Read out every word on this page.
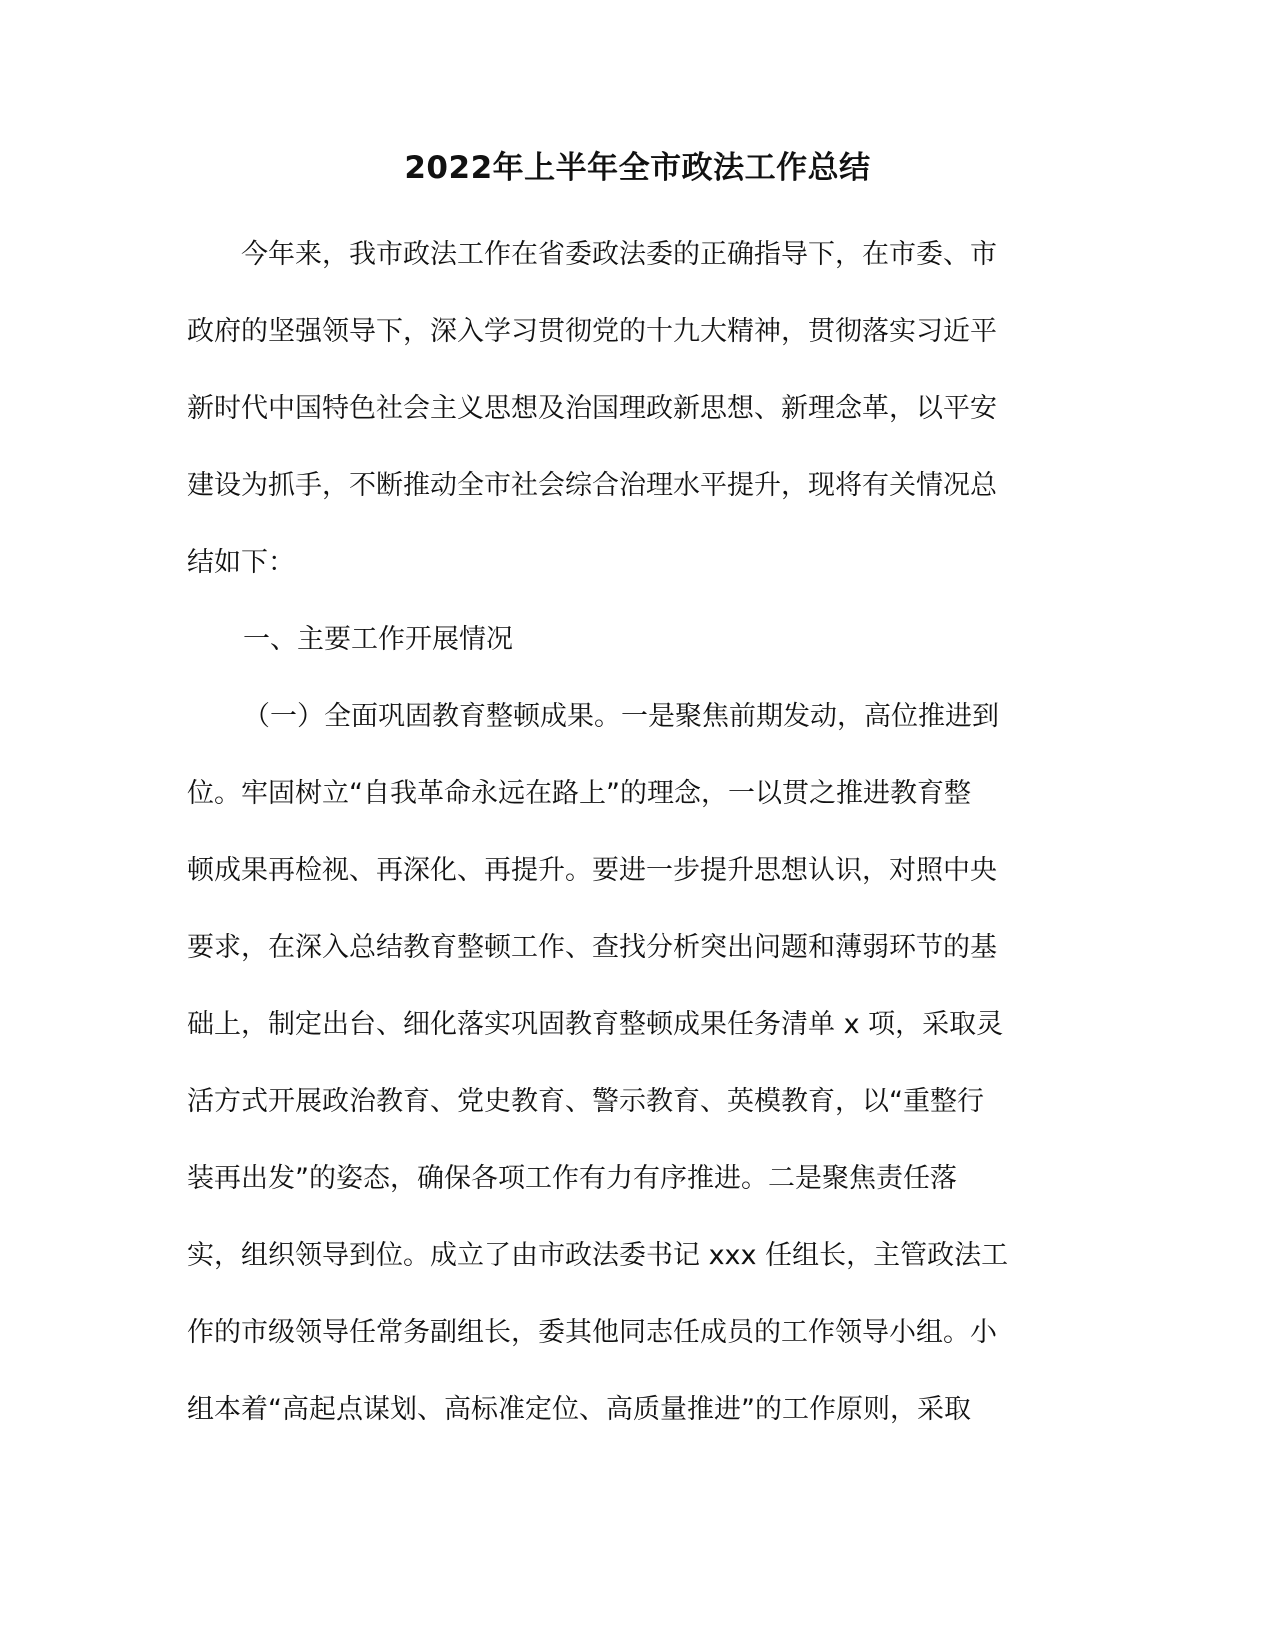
2022年上半年全市政法工作总结

今年来，我市政法工作在省委政法委的正确指导下，在市委、市

政府的坚强领导下，深入学习贯彻党的十九大精神，贯彻落实习近平

新时代中国特色社会主义思想及治国理政新思想、新理念革，以平安

建设为抓手，不断推动全市社会综合治理水平提升，现将有关情况总

结如下：

一、主要工作开展情况

（一）全面巩固教育整顿成果。一是聚焦前期发动，高位推进到

位。牢固树立“自我革命永远在路上”的理念，一以贯之推进教育整

顿成果再检视、再深化、再提升。要进一步提升思想认识，对照中央

要求，在深入总结教育整顿工作、查找分析突出问题和薄弱环节的基

础上，制定出台、细化落实巩固教育整顿成果任务清单 x 项，采取灵

活方式开展政治教育、党史教育、警示教育、英模教育，以“重整行

装再出发”的姿态，确保各项工作有力有序推进。二是聚焦责任落

实，组织领导到位。成立了由市政法委书记 xxx 任组长，主管政法工

作的市级领导任常务副组长，委其他同志任成员的工作领导小组。小

组本着“高起点谋划、高标准定位、高质量推进”的工作原则，采取
